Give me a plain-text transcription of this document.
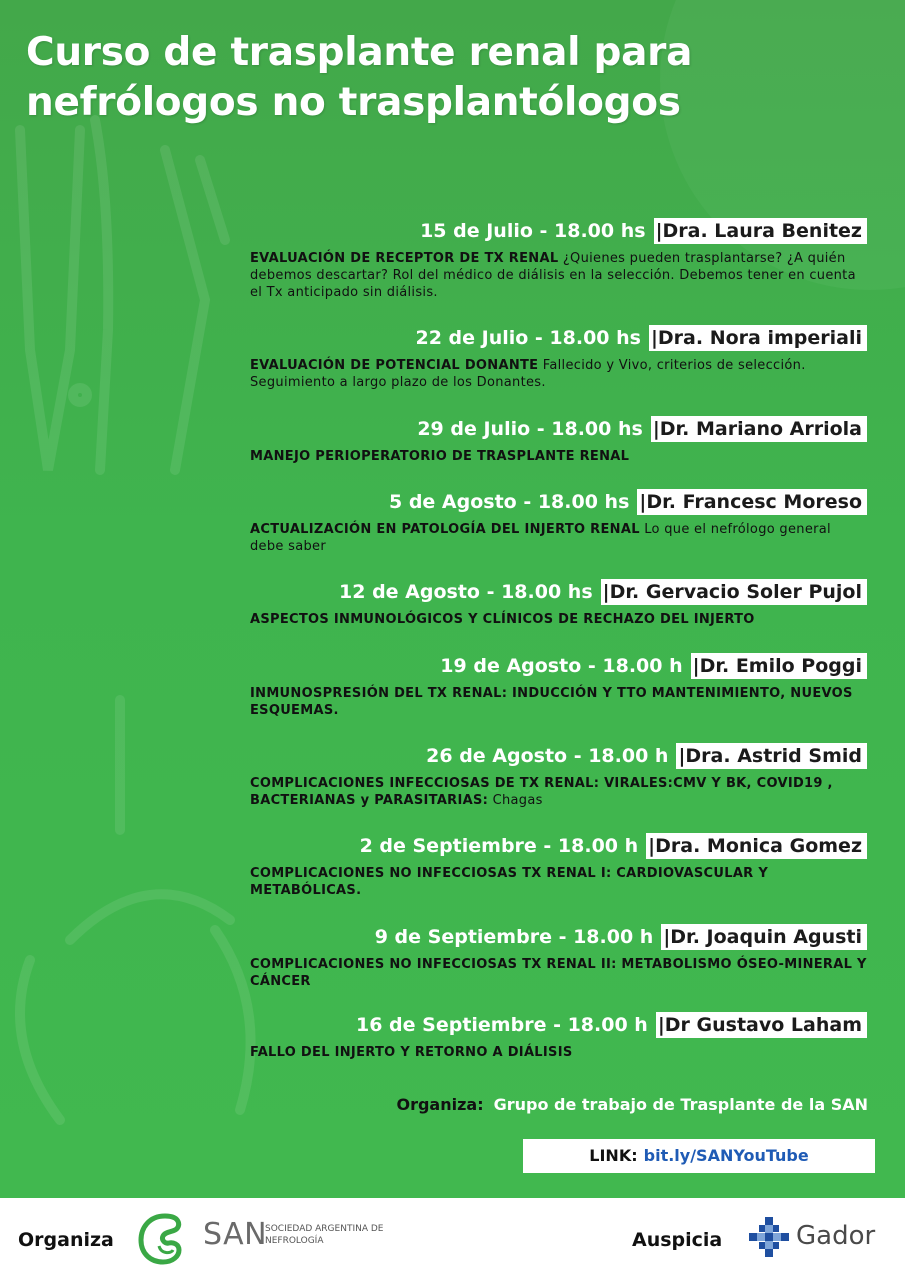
Curso de trasplante renal para nefrólogos no trasplantólogos
15 de Julio - 18.00 hs |Dra. Laura Benitez

EVALUACIÓN DE RECEPTOR DE TX RENAL ¿Quienes pueden trasplantarse? ¿A quién debemos descartar? Rol del médico de diálisis en la selección. Debemos tener en cuenta el Tx anticipado sin diálisis.

22 de Julio - 18.00 hs |Dra. Nora imperiali

EVALUACIÓN DE POTENCIAL DONANTE Fallecido y Vivo, criterios de selección. Seguimiento a largo plazo de los Donantes.

29 de Julio - 18.00 hs |Dr. Mariano Arriola

MANEJO PERIOPERATORIO DE TRASPLANTE RENAL

5 de Agosto - 18.00 hs |Dr. Francesc Moreso

ACTUALIZACIÓN EN PATOLOGÍA DEL INJERTO RENAL Lo que el nefrólogo general debe saber

12 de Agosto - 18.00 hs |Dr. Gervacio Soler Pujol

ASPECTOS INMUNOLÓGICOS Y CLÍNICOS DE RECHAZO DEL INJERTO

19 de Agosto - 18.00 h |Dr. Emilo Poggi

INMUNOSPRESIÓN DEL TX RENAL: INDUCCIÓN Y TTO MANTENIMIENTO, NUEVOS ESQUEMAS.

26 de Agosto - 18.00 h |Dra. Astrid Smid

COMPLICACIONES INFECCIOSAS DE TX RENAL: VIRALES:CMV Y BK, COVID19 , BACTERIANAS y PARASITARIAS: Chagas

2 de Septiembre - 18.00 h |Dra. Monica Gomez

COMPLICACIONES NO INFECCIOSAS TX RENAL I: CARDIOVASCULAR Y METABÓLICAS.

9 de Septiembre - 18.00 h |Dr. Joaquin Agusti

COMPLICACIONES NO INFECCIOSAS TX RENAL II: METABOLISMO ÓSEO-MINERAL Y CÁNCER

16 de Septiembre - 18.00 h |Dr Gustavo Laham

FALLO DEL INJERTO Y RETORNO A DIÁLISIS

Organiza: Grupo de trabajo de Trasplante de la SAN
LINK: bit.ly/SANYouTube
Organiza	SAN
SOCIEDAD ARGENTINA DE NEFROLOGÍA	Auspicia	Gador
